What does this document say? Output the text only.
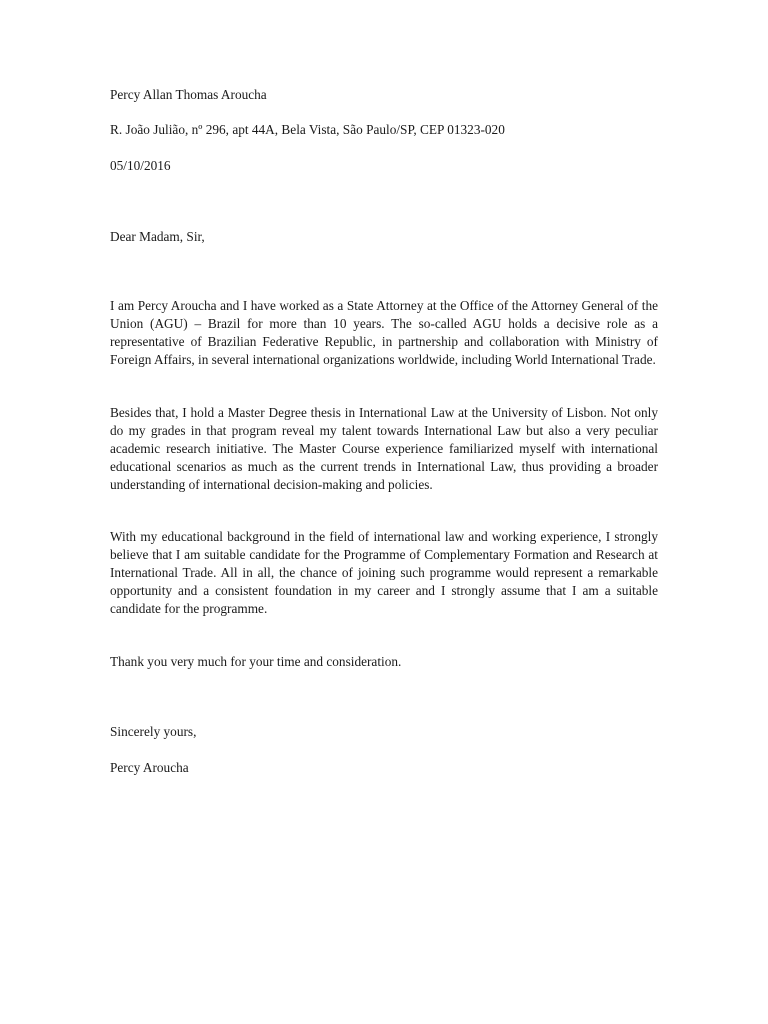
Percy Allan Thomas Aroucha
R. João Julião, nº 296, apt 44A, Bela Vista, São Paulo/SP, CEP 01323-020
05/10/2016
Dear Madam, Sir,
I am Percy Aroucha and I have worked as a State Attorney at the Office of the Attorney General of the Union (AGU) – Brazil for more than 10 years. The so-called AGU holds a decisive role as a representative of Brazilian Federative Republic, in partnership and collaboration with Ministry of Foreign Affairs, in several international organizations worldwide, including World International Trade.
Besides that, I hold a Master Degree thesis in International Law at the University of Lisbon. Not only do my grades in that program reveal my talent towards International Law but also a very peculiar academic research initiative. The Master Course experience familiarized myself with international educational scenarios as much as the current trends in International Law, thus providing a broader understanding of international decision-making and policies.
With my educational background in the field of international law and working experience, I strongly believe that I am suitable candidate for the Programme of Complementary Formation and Research at International Trade. All in all, the chance of joining such programme would represent a remarkable opportunity and a consistent foundation in my career and I strongly assume that I am a suitable candidate for the programme.
Thank you very much for your time and consideration.
Sincerely yours,
Percy Aroucha
